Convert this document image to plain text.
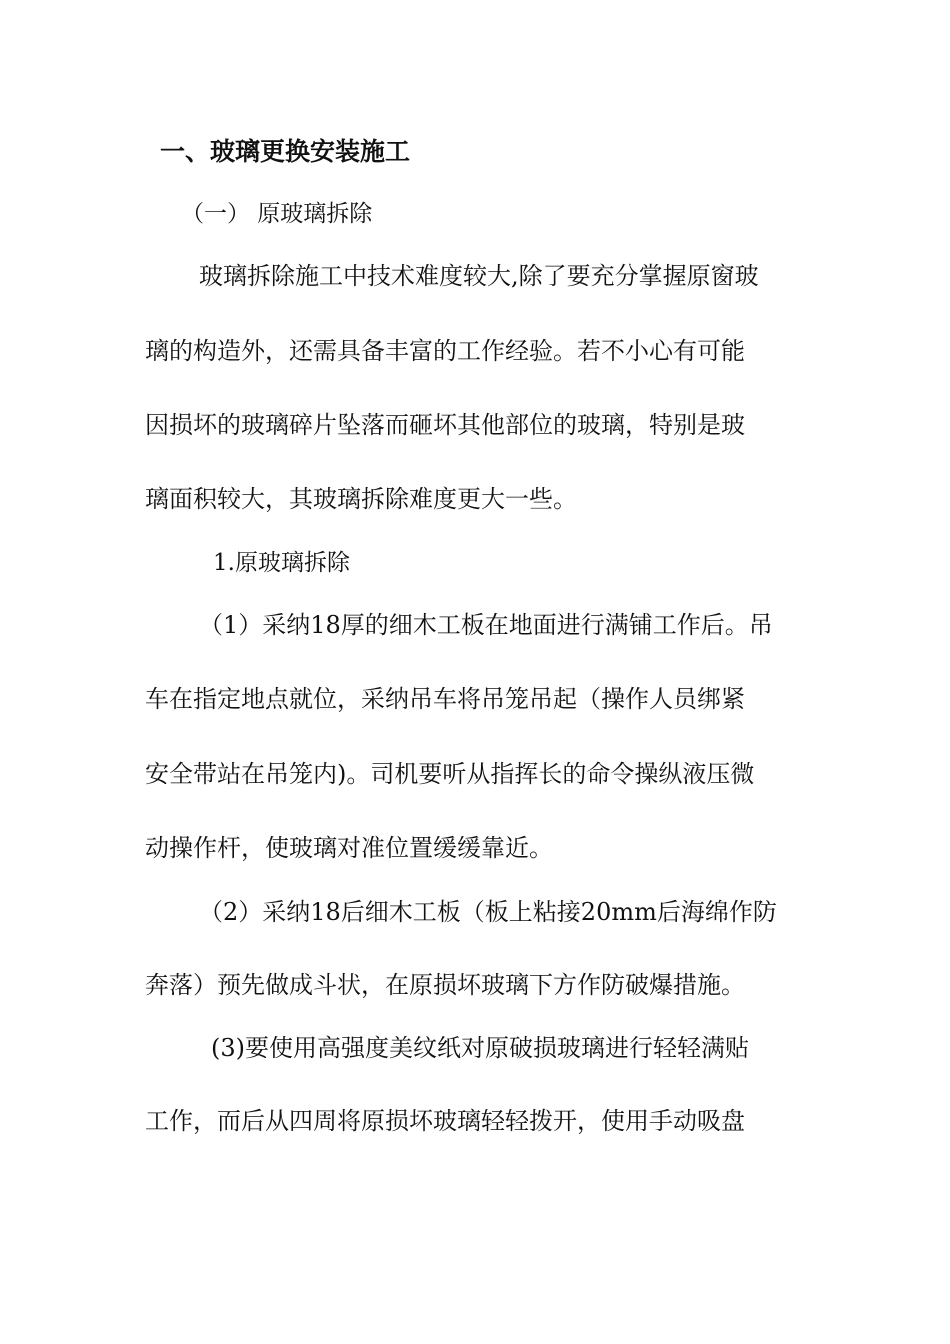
一、玻璃更换安装施工
（一） 原玻璃拆除
玻璃拆除施工中技术难度较大,除了要充分掌握原窗玻
璃的构造外，还需具备丰富的工作经验。若不小心有可能
因损坏的玻璃碎片坠落而砸坏其他部位的玻璃，特别是玻
璃面积较大，其玻璃拆除难度更大一些。
1.原玻璃拆除
（1）采纳18厚的细木工板在地面进行满铺工作后。吊
车在指定地点就位，采纳吊车将吊笼吊起（操作人员绑紧
安全带站在吊笼内)。司机要听从指挥长的命令操纵液压微
动操作杆，使玻璃对准位置缓缓靠近。
（2）采纳18后细木工板（板上粘接20mm后海绵作防
奔落）预先做成斗状，在原损坏玻璃下方作防破爆措施。
(3)要使用高强度美纹纸对原破损玻璃进行轻轻满贴
工作，而后从四周将原损坏玻璃轻轻拨开，使用手动吸盘
